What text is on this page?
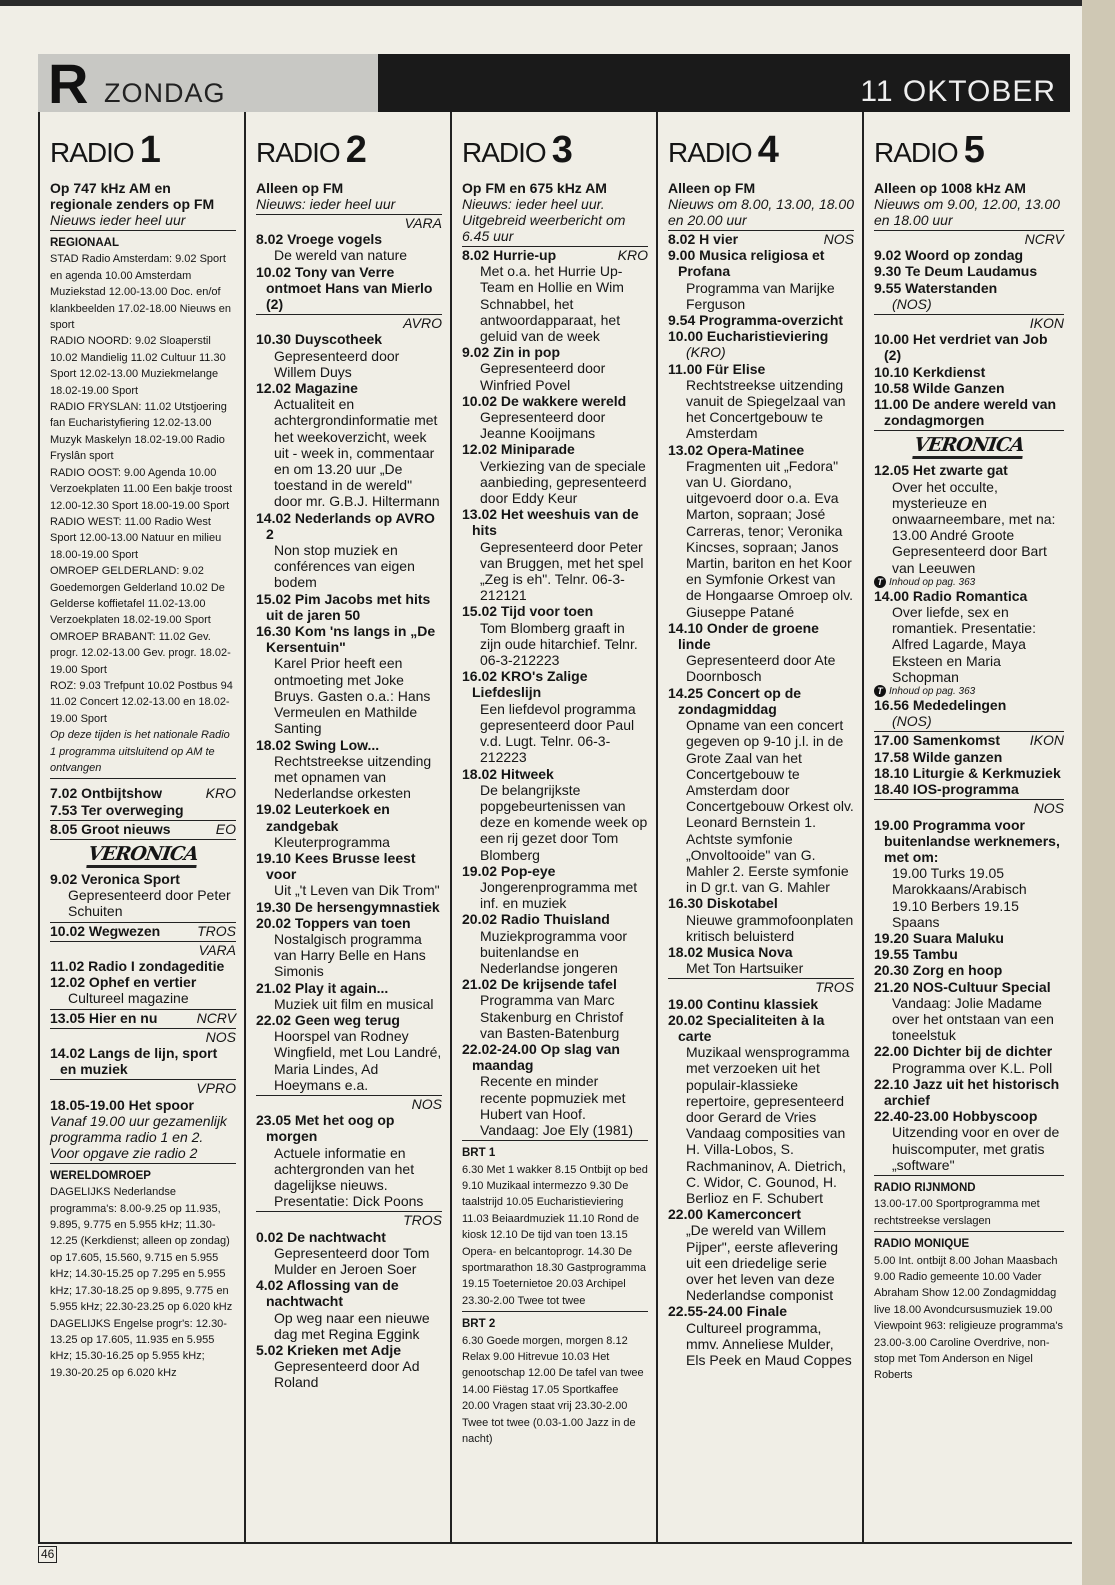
R ZONDAG	11 OKTOBER
RADIO 1
Op 747 kHz AM en regionale zenders op FM
Nieuws ieder heel uur
REGIONAAL
STAD Radio Amsterdam: 9.02 Sport en agenda 10.00 Amsterdam Muziekstad 12.00-13.00 Doc. en/of klankbeelden 17.02-18.00 Nieuws en sport
RADIO NOORD: 9.02 Sloaperstil 10.02 Mandielig 11.02 Cultuur 11.30 Sport 12.02-13.00 Muziekmelange 18.02-19.00 Sport
RADIO FRYSLAN: 11.02 Utstjoering fan Eucharistyfiering 12.02-13.00 Muzyk Maskelyn 18.02-19.00 Radio Fryslân sport
RADIO OOST: 9.00 Agenda 10.00 Verzoekplaten 11.00 Een bakje troost 12.00-12.30 Sport 18.00-19.00 Sport
RADIO WEST: 11.00 Radio West Sport 12.00-13.00 Natuur en milieu 18.00-19.00 Sport
OMROEP GELDERLAND: 9.02 Goedemorgen Gelderland 10.02 De Gelderse koffietafel 11.02-13.00 Verzoekplaten 18.02-19.00 Sport
OMROEP BRABANT: 11.02 Gev. progr. 12.02-13.00 Gev. progr. 18.02-19.00 Sport
ROZ: 9.03 Trefpunt 10.02 Postbus 94 11.02 Concert 12.02-13.00 en 18.02-19.00 Sport
Op deze tijden is het nationale Radio 1 programma uitsluitend op AM te ontvangen
7.02 Ontbijtshow	KRO
7.53 Ter overweging
8.05 Groot nieuws	EO
VERONICA
9.02 Veronica Sport
Gepresenteerd door Peter Schuiten
10.02 Wegwezen	TROS
VARA
11.02 Radio I zondageditie
12.02 Ophef en vertier
Cultureel magazine
13.05 Hier en nu	NCRV
NOS
14.02 Langs de lijn, sport en muziek
VPRO
18.05-19.00 Het spoor
Vanaf 19.00 uur gezamenlijk programma radio 1 en 2. Voor opgave zie radio 2
WERELDOMROEP
DAGELIJKS Nederlandse programma's: 8.00-9.25 op 11.935, 9.895, 9.775 en 5.955 kHz; 11.30-12.25 (Kerkdienst; alleen op zondag) op 17.605, 15.560, 9.715 en 5.955 kHz; 14.30-15.25 op 7.295 en 5.955 kHz; 17.30-18.25 op 9.895, 9.775 en 5.955 kHz; 22.30-23.25 op 6.020 kHz
DAGELIJKS Engelse progr's: 12.30-13.25 op 17.605, 11.935 en 5.955 kHz; 15.30-16.25 op 5.955 kHz; 19.30-20.25 op 6.020 kHz
RADIO 2
Alleen op FM
Nieuws: ieder heel uur
VARA
8.02 Vroege vogels
De wereld van nature
10.02 Tony van Verre ontmoet Hans van Mierlo (2)
AVRO
10.30 Duyscotheek
Gepresenteerd door Willem Duys
12.02 Magazine
Actualiteit en achtergrondinformatie met het weekoverzicht, week uit - week in, commentaar en om 13.20 uur „De toestand in de wereld" door mr. G.B.J. Hiltermann
14.02 Nederlands op AVRO 2
Non stop muziek en conférences van eigen bodem
15.02 Pim Jacobs met hits uit de jaren 50
16.30 Kom 'ns langs in „De Kersentuin"
Karel Prior heeft een ontmoeting met Joke Bruys. Gasten o.a.: Hans Vermeulen en Mathilde Santing
18.02 Swing Low...
Rechtstreekse uitzending met opnamen van Nederlandse orkesten
19.02 Leuterkoek en zandgebak
Kleuterprogramma
19.10 Kees Brusse leest voor
Uit „'t Leven van Dik Trom"
19.30 De hersengymnastiek
20.02 Toppers van toen
Nostalgisch programma van Harry Belle en Hans Simonis
21.02 Play it again...
Muziek uit film en musical
22.02 Geen weg terug
Hoorspel van Rodney Wingfield, met Lou Landré, Maria Lindes, Ad Hoeymans e.a.
NOS
23.05 Met het oog op morgen
Actuele informatie en achtergronden van het dagelijkse nieuws. Presentatie: Dick Poons
TROS
0.02 De nachtwacht
Gepresenteerd door Tom Mulder en Jeroen Soer
4.02 Aflossing van de nachtwacht
Op weg naar een nieuwe dag met Regina Eggink
5.02 Krieken met Adje
Gepresenteerd door Ad Roland
RADIO 3
Op FM en 675 kHz AM
Nieuws: ieder heel uur. Uitgebreid weerbericht om 6.45 uur
8.02 Hurrie-up	KRO
Met o.a. het Hurrie Up-Team en Hollie en Wim Schnabbel, het antwoordapparaat, het geluid van de week
9.02 Zin in pop
Gepresenteerd door Winfried Povel
10.02 De wakkere wereld
Gepresenteerd door Jeanne Kooijmans
12.02 Miniparade
Verkiezing van de speciale aanbieding, gepresenteerd door Eddy Keur
13.02 Het weeshuis van de hits
Gepresenteerd door Peter van Bruggen, met het spel „Zeg is eh". Telnr. 06-3-212121
15.02 Tijd voor toen
Tom Blomberg graaft in zijn oude hitarchief. Telnr. 06-3-212223
16.02 KRO's Zalige Liefdeslijn
Een liefdevol programma gepresenteerd door Paul v.d. Lugt. Telnr. 06-3-212223
18.02 Hitweek
De belangrijkste popgebeurtenissen van deze en komende week op een rij gezet door Tom Blomberg
19.02 Pop-eye
Jongerenprogramma met inf. en muziek
20.02 Radio Thuisland
Muziekprogramma voor buitenlandse en Nederlandse jongeren
21.02 De krijsende tafel
Programma van Marc Stakenburg en Christof van Basten-Batenburg
22.02-24.00 Op slag van maandag
Recente en minder recente popmuziek met Hubert van Hoof. Vandaag: Joe Ely (1981)
BRT 1
6.30 Met 1 wakker 8.15 Ontbijt op bed 9.10 Muzikaal intermezzo 9.30 De taalstrijd 10.05 Eucharistieviering 11.03 Beiaardmuziek 11.10 Rond de kiosk 12.10 De tijd van toen 13.15 Opera- en belcantoprogr. 14.30 De sportmarathon 18.30 Gastprogramma 19.15 Toeternietoe 20.03 Archipel 23.30-2.00 Twee tot twee
BRT 2
6.30 Goede morgen, morgen 8.12 Relax 9.00 Hitrevue 10.03 Het genootschap 12.00 De tafel van twee 14.00 Fiëstag 17.05 Sportkaffee 20.00 Vragen staat vrij 23.30-2.00 Twee tot twee (0.03-1.00 Jazz in de nacht)
RADIO 4
Alleen op FM
Nieuws om 8.00, 13.00, 18.00 en 20.00 uur
8.02 H vier	NOS
9.00 Musica religiosa et Profana
Programma van Marijke Ferguson
9.54 Programma-overzicht
10.00 Eucharistieviering
(KRO)
11.00 Für Elise
Rechtstreekse uitzending vanuit de Spiegelzaal van het Concertgebouw te Amsterdam
13.02 Opera-Matinee
Fragmenten uit „Fedora" van U. Giordano, uitgevoerd door o.a. Eva Marton, sopraan; José Carreras, tenor; Veronika Kincses, sopraan; Janos Martin, bariton en het Koor en Symfonie Orkest van de Hongaarse Omroep olv. Giuseppe Patané
14.10 Onder de groene linde
Gepresenteerd door Ate Doornbosch
14.25 Concert op de zondagmiddag
Opname van een concert gegeven op 9-10 j.l. in de Grote Zaal van het Concertgebouw te Amsterdam door Concertgebouw Orkest olv. Leonard Bernstein 1. Achtste symfonie „Onvoltooide" van G. Mahler 2. Eerste symfonie in D gr.t. van G. Mahler
16.30 Diskotabel
Nieuwe grammofoonplaten kritisch beluisterd
18.02 Musica Nova
Met Ton Hartsuiker
TROS
19.00 Continu klassiek
20.02 Specialiteiten à la carte
Muzikaal wensprogramma met verzoeken uit het populair-klassieke repertoire, gepresenteerd door Gerard de Vries Vandaag composities van H. Villa-Lobos, S. Rachmaninov, A. Dietrich, C. Widor, C. Gounod, H. Berlioz en F. Schubert
22.00 Kamerconcert
„De wereld van Willem Pijper", eerste aflevering uit een driedelige serie over het leven van deze Nederlandse componist
22.55-24.00 Finale
Cultureel programma, mmv. Anneliese Mulder, Els Peek en Maud Coppes
RADIO 5
Alleen op 1008 kHz AM
Nieuws om 9.00, 12.00, 13.00 en 18.00 uur
NCRV
9.02 Woord op zondag
9.30 Te Deum Laudamus
9.55 Waterstanden
(NOS)
IKON
10.00 Het verdriet van Job (2)
10.10 Kerkdienst
10.58 Wilde Ganzen
11.00 De andere wereld van zondagmorgen
VERONICA
12.05 Het zwarte gat
Over het occulte, mysterieuze en onwaarneembare, met na: 13.00 André Groote Gepresenteerd door Bart van Leeuwen
T Inhoud op pag. 363
14.00 Radio Romantica
Over liefde, sex en romantiek. Presentatie: Alfred Lagarde, Maya Eksteen en Maria Schopman
T Inhoud op pag. 363
16.56 Mededelingen
(NOS)
17.00 Samenkomst IKON
17.58 Wilde ganzen
18.10 Liturgie & Kerkmuziek
18.40 IOS-programma
NOS
19.00 Programma voor buitenlandse werknemers, met om:
19.00 Turks 19.05 Marokkaans/Arabisch 19.10 Berbers 19.15 Spaans
19.20 Suara Maluku
19.55 Tambu
20.30 Zorg en hoop
21.20 NOS-Cultuur Special
Vandaag: Jolie Madame over het ontstaan van een toneelstuk
22.00 Dichter bij de dichter
Programma over K.L. Poll
22.10 Jazz uit het historisch archief
22.40-23.00 Hobbyscoop
Uitzending voor en over de huiscomputer, met gratis „software"
RADIO RIJNMOND
13.00-17.00 Sportprogramma met rechtstreekse verslagen
RADIO MONIQUE
5.00 Int. ontbijt 8.00 Johan Maasbach 9.00 Radio gemeente 10.00 Vader Abraham Show 12.00 Zondagmiddag live 18.00 Avondcursusmuziek 19.00 Viewpoint 963: religieuze programma's 23.00-3.00 Caroline Overdrive, non-stop met Tom Anderson en Nigel Roberts
46
